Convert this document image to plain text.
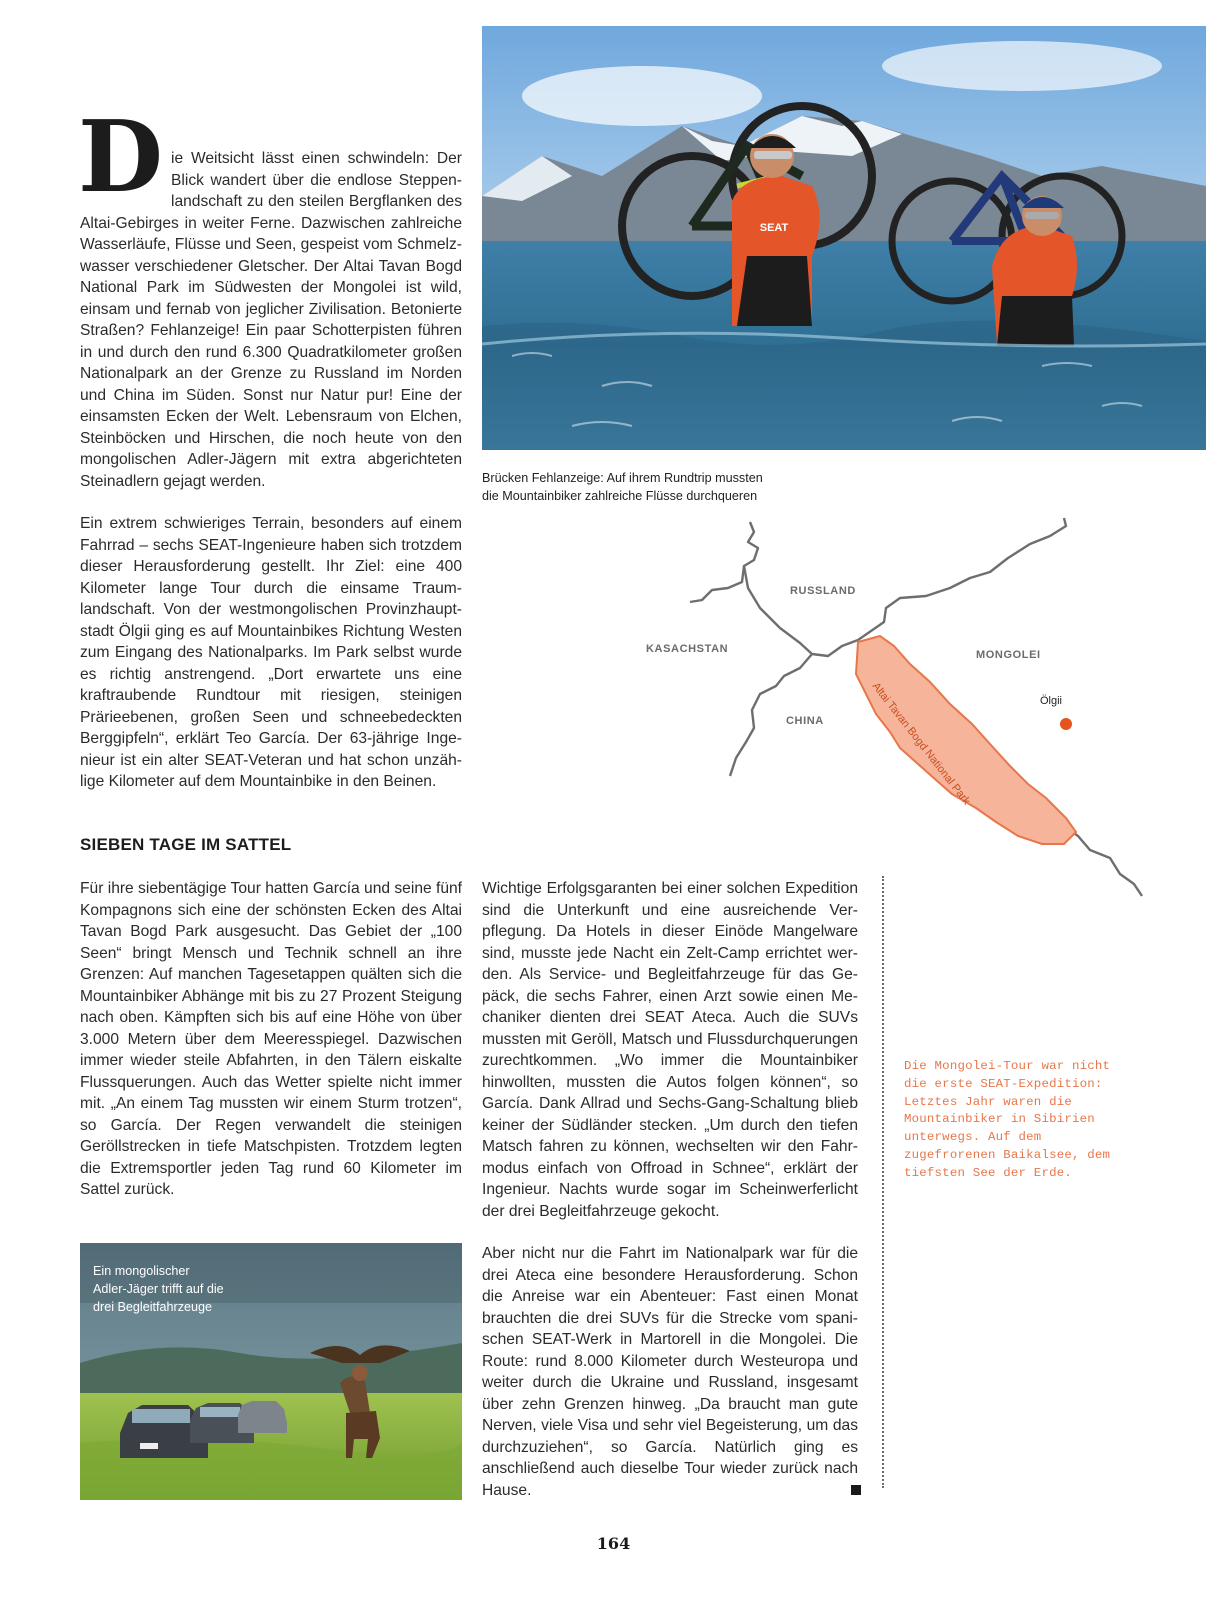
SEAT
Brücken Fehlanzeige: Auf ihrem Rundtrip mussten
die Mountainbiker zahlreiche Flüsse durchqueren
D ie Weitsicht lässt einen schwindeln: Der Blick wandert über die endlose Steppenlandschaft zu den steilen Bergflanken des Altai-Gebirges in weiter Ferne. Dazwischen zahlreiche Wasserläufe, Flüsse und Seen, gespeist vom Schmelzwasser verschiedener Gletscher. Der Altai Tavan Bogd National Park im Südwesten der Mongolei ist wild, einsam und fernab von jeglicher Zivilisation. Betonierte Straßen? Fehlanzeige! Ein paar Schotterpisten führen in und durch den rund 6.300 Quadratkilometer großen Nationalpark an der Grenze zu Russland im Norden und China im Süden. Sonst nur Natur pur! Eine der einsamsten Ecken der Welt. Lebensraum von Elchen, Steinböcken und Hirschen, die noch heute von den mongolischen Adler-Jägern mit extra abgerichteten Steinadlern gejagt werden.

Ein extrem schwieriges Terrain, besonders auf einem Fahrrad – sechs SEAT-Ingenieure haben sich trotzdem dieser Herausforderung gestellt. Ihr Ziel: eine 400 Kilometer lange Tour durch die einsame Traumlandschaft. Von der westmongolischen Provinzhauptstadt Ölgii ging es auf Mountainbikes Richtung Westen zum Eingang des Nationalparks. Im Park selbst wurde es richtig anstrengend. „Dort erwartete uns eine kraftraubende Rundtour mit riesigen, steinigen Prärieebenen, großen Seen und schneebedeckten Berggipfeln“, erklärt Teo García. Der 63-jährige Ingenieur ist ein alter SEAT-Veteran und hat schon unzählige Kilometer auf dem Mountainbike in den Beinen.

RUSSLAND
KASACHSTAN	MONGOLEI
CHINA
Ölgii
Altai Tavan Bogd National Park
SIEBEN TAGE IM SATTEL

Für ihre siebentägige Tour hatten García und seine fünf Kompagnons sich eine der schönsten Ecken des Altai Tavan Bogd Park ausgesucht. Das Gebiet der „100 Seen“ bringt Mensch und Technik schnell an ihre Grenzen: Auf manchen Tagesetappen quälten sich die Mountainbiker Abhänge mit bis zu 27 Prozent Steigung nach oben. Kämpften sich bis auf eine Höhe von über 3.000 Metern über dem Meeresspiegel. Dazwischen immer wieder steile Abfahrten, in den Tälern eiskalte Flussquerungen. Auch das Wetter spielte nicht immer mit. „An einem Tag mussten wir einem Sturm trotzen“, so García. Der Regen verwandelt die steinigen Geröllstrecken in tiefe Matschpisten. Trotzdem legten die Extremsportler jeden Tag rund 60 Kilometer im Sattel zurück.

Wichtige Erfolgsgaranten bei einer solchen Expedition sind die Unterkunft und eine ausreichende Verpflegung. Da Hotels in dieser Einöde Mangelware sind, musste jede Nacht ein Zelt-Camp errichtet werden. Als Service- und Begleitfahrzeuge für das Gepäck, die sechs Fahrer, einen Arzt sowie einen Mechaniker dienten drei SEAT Ateca. Auch die SUVs mussten mit Geröll, Matsch und Flussdurchquerungen zurechtkommen. „Wo immer die Mountainbiker hinwollten, mussten die Autos folgen können“, so García. Dank Allrad und Sechs-Gang-Schaltung blieb keiner der Südländer stecken. „Um durch den tiefen Matsch fahren zu können, wechselten wir den Fahrmodus einfach von Offroad in Schnee“, erklärt der Ingenieur. Nachts wurde sogar im Scheinwerferlicht der drei Begleitfahrzeuge gekocht.

Aber nicht nur die Fahrt im Nationalpark war für die drei Ateca eine besondere Herausforderung. Schon die Anreise war ein Abenteuer: Fast einen Monat brauchten die drei SUVs für die Strecke vom spanischen SEAT-Werk in Martorell in die Mongolei. Die Route: rund 8.000 Kilometer durch Westeuropa und weiter durch die Ukraine und Russland, insgesamt über zehn Grenzen hinweg. „Da braucht man gute Nerven, viele Visa und sehr viel Begeisterung, um das durchzuziehen“, so García. Natürlich ging es anschließend auch dieselbe Tour wieder zurück nach Hause.

Die Mongolei-Tour war nicht die erste SEAT-Expedition: Letztes Jahr waren die Mountainbiker in Sibirien unterwegs. Auf dem zugefrorenen Baikalsee, dem tiefsten See der Erde.
Ein mongolischer
Adler-Jäger trifft auf die
drei Begleitfahrzeuge
164
